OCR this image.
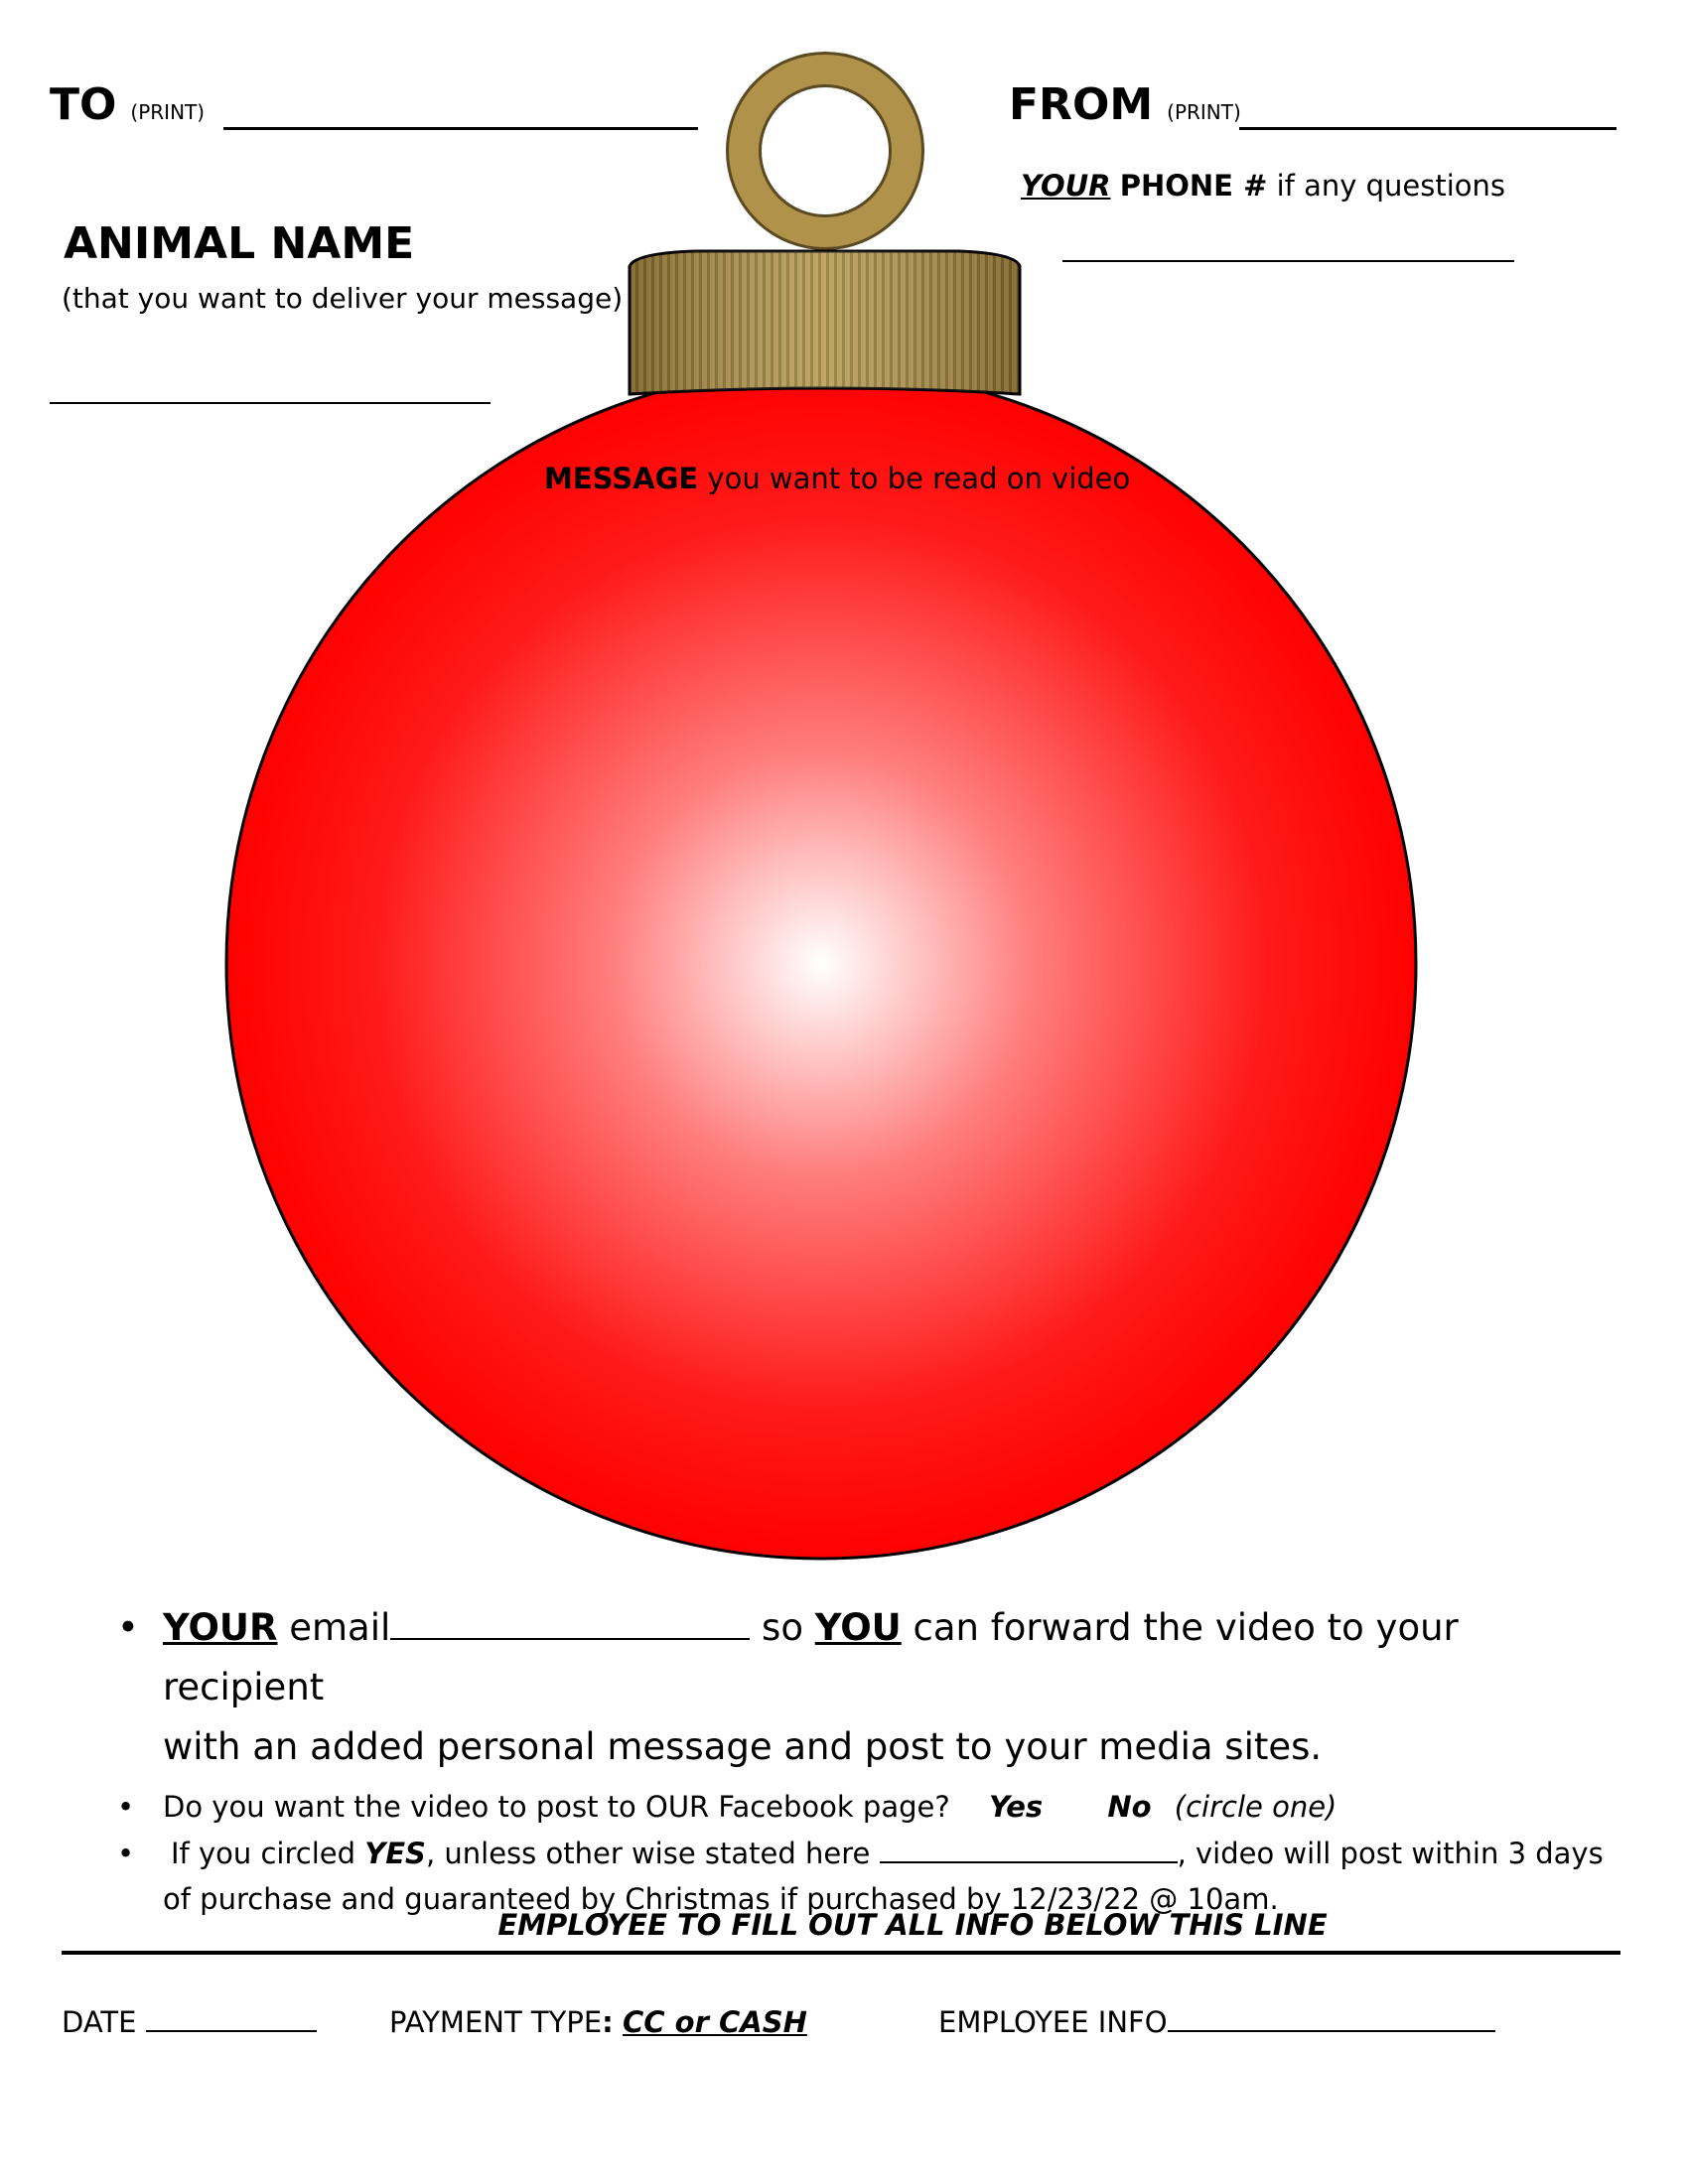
TO (PRINT)	FROM (PRINT)
YOUR PHONE # if any questions
ANIMAL NAME
(that you want to deliver your message)
MESSAGE you want to be read on video
• YOUR email	so YOU can forward the video to your recipient
with an added personal message and post to your media sites.
• Do you want the video to post to OUR Facebook page? Yes No (circle one)
• If you circled YES, unless other wise stated here	, video will post within 3 days
of purchase and guaranteed by Christmas if purchased by 12/23/22 @ 10am.
EMPLOYEE TO FILL OUT ALL INFO BELOW THIS LINE
DATE	PAYMENT TYPE: CC or CASH	EMPLOYEE INFO
